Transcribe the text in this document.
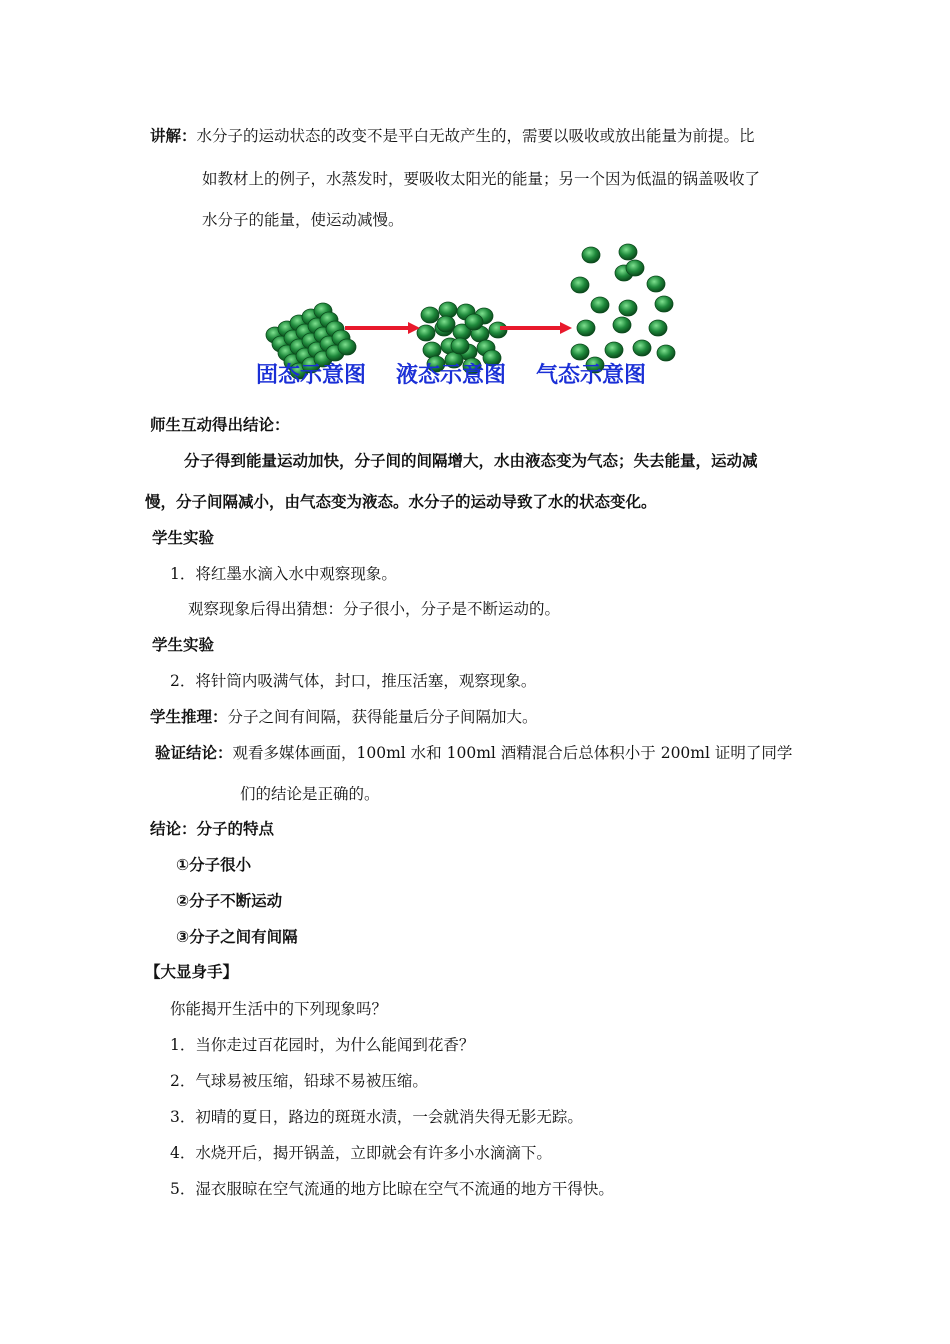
讲解：水分子的运动状态的改变不是平白无故产生的，需要以吸收或放出能量为前提。比
如教材上的例子，水蒸发时，要吸收太阳光的能量；另一个因为低温的锅盖吸收了
水分子的能量，使运动减慢。
固态示意图 液态示意图 气态示意图
师生互动得出结论：
分子得到能量运动加快，分子间的间隔增大，水由液态变为气态；失去能量，运动减
慢，分子间隔减小，由气态变为液态。水分子的运动导致了水的状态变化。
学生实验
1．将红墨水滴入水中观察现象。
观察现象后得出猜想：分子很小，分子是不断运动的。
学生实验
2．将针筒内吸满气体，封口，推压活塞，观察现象。
学生推理：分子之间有间隔，获得能量后分子间隔加大。
验证结论：观看多媒体画面，100ml 水和 100ml 酒精混合后总体积小于 200ml 证明了同学
们的结论是正确的。
结论：分子的特点
①分子很小
②分子不断运动
③分子之间有间隔
【大显身手】
你能揭开生活中的下列现象吗？
1．当你走过百花园时，为什么能闻到花香？
2．气球易被压缩，铅球不易被压缩。
3．初晴的夏日，路边的斑斑水渍，一会就消失得无影无踪。
4．水烧开后，揭开锅盖，立即就会有许多小水滴滴下。
5．湿衣服晾在空气流通的地方比晾在空气不流通的地方干得快。
